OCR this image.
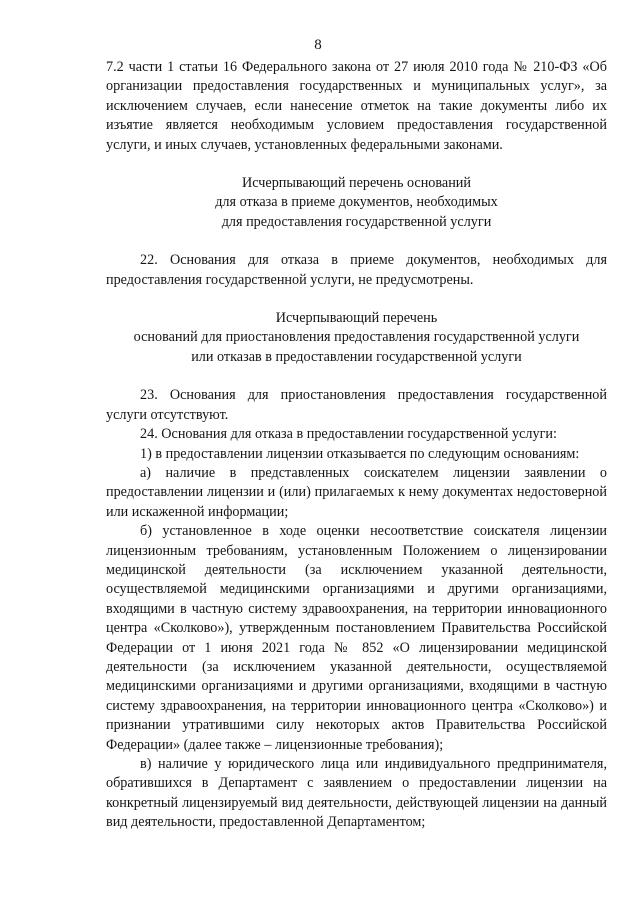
8

7.2 части 1 статьи 16 Федерального закона от 27 июля 2010 года № 210-ФЗ «Об организации предоставления государственных и муниципальных услуг», за исключением случаев, если нанесение отметок на такие документы либо их изъятие является необходимым условием предоставления государственной услуги, и иных случаев, установленных федеральными законами.

Исчерпывающий перечень оснований

для отказа в приеме документов, необходимых

для предоставления государственной услуги

22. Основания для отказа в приеме документов, необходимых для предоставления государственной услуги, не предусмотрены.

Исчерпывающий перечень

оснований для приостановления предоставления государственной услуги

или отказав в предоставлении государственной услуги

23. Основания для приостановления предоставления государственной услуги отсутствуют.

24. Основания для отказа в предоставлении государственной услуги:

1) в предоставлении лицензии отказывается по следующим основаниям:

а) наличие в представленных соискателем лицензии заявлении о предоставлении лицензии и (или) прилагаемых к нему документах недостоверной или искаженной информации;

б) установленное в ходе оценки несоответствие соискателя лицензии лицензионным требованиям, установленным Положением о лицензировании медицинской деятельности (за исключением указанной деятельности, осуществляемой медицинскими организациями и другими организациями, входящими в частную систему здравоохранения, на территории инновационного центра «Сколково»), утвержденным постановлением Правительства Российской Федерации от 1 июня 2021 года № 852 «О лицензировании медицинской деятельности (за исключением указанной деятельности, осуществляемой медицинскими организациями и другими организациями, входящими в частную систему здравоохранения, на территории инновационного центра «Сколково») и признании утратившими силу некоторых актов Правительства Российской Федерации» (далее также – лицензионные требования);

в) наличие у юридического лица или индивидуального предпринимателя, обратившихся в Департамент с заявлением о предоставлении лицензии на конкретный лицензируемый вид деятельности, действующей лицензии на данный вид деятельности, предоставленной Департаментом;
